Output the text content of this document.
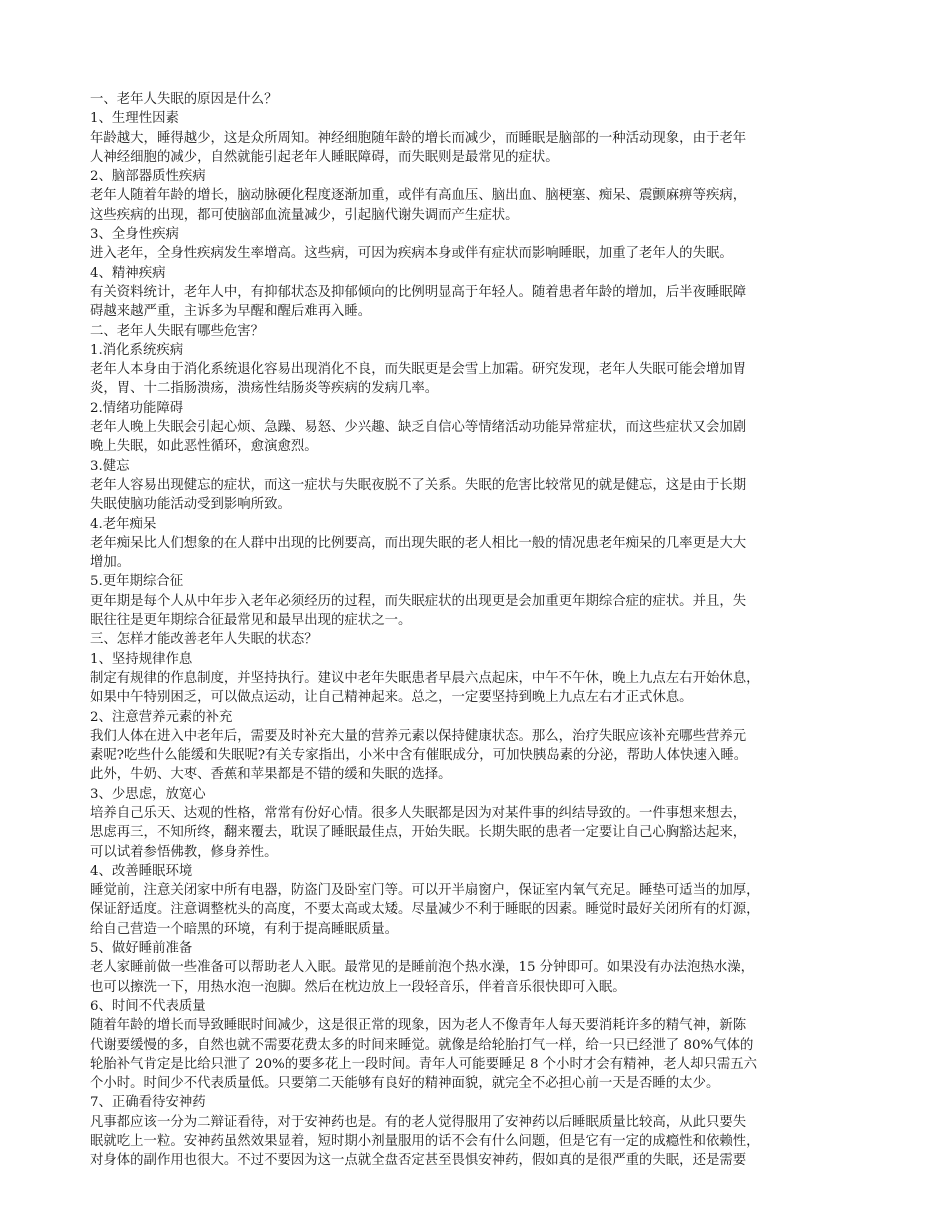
一、老年人失眠的原因是什么？
1、生理性因素
年龄越大，睡得越少，这是众所周知。神经细胞随年龄的增长而减少，而睡眠是脑部的一种活动现象，由于老年
人神经细胞的减少，自然就能引起老年人睡眠障碍，而失眠则是最常见的症状。
2、脑部器质性疾病
老年人随着年龄的增长，脑动脉硬化程度逐渐加重，或伴有高血压、脑出血、脑梗塞、痴呆、震颤麻痹等疾病，
这些疾病的出现，都可使脑部血流量减少，引起脑代谢失调而产生症状。
3、全身性疾病
进入老年，全身性疾病发生率增高。这些病，可因为疾病本身或伴有症状而影响睡眠，加重了老年人的失眠。
4、精神疾病
有关资料统计，老年人中，有抑郁状态及抑郁倾向的比例明显高于年轻人。随着患者年龄的增加，后半夜睡眠障
碍越来越严重，主诉多为早醒和醒后难再入睡。
二、老年人失眠有哪些危害？
1.消化系统疾病
老年人本身由于消化系统退化容易出现消化不良，而失眠更是会雪上加霜。研究发现，老年人失眠可能会增加胃
炎，胃、十二指肠溃疡，溃疡性结肠炎等疾病的发病几率。
2.情绪功能障碍
老年人晚上失眠会引起心烦、急躁、易怒、少兴趣、缺乏自信心等情绪活动功能异常症状，而这些症状又会加剧
晚上失眠，如此恶性循环，愈演愈烈。
3.健忘
老年人容易出现健忘的症状，而这一症状与失眠夜脱不了关系。失眠的危害比较常见的就是健忘，这是由于长期
失眠使脑功能活动受到影响所致。
4.老年痴呆
老年痴呆比人们想象的在人群中出现的比例要高，而出现失眠的老人相比一般的情况患老年痴呆的几率更是大大
增加。
5.更年期综合征
更年期是每个人从中年步入老年必须经历的过程，而失眠症状的出现更是会加重更年期综合症的症状。并且，失
眠往往是更年期综合征最常见和最早出现的症状之一。
三、怎样才能改善老年人失眠的状态？
1、坚持规律作息
制定有规律的作息制度，并坚持执行。建议中老年失眠患者早晨六点起床，中午不午休，晚上九点左右开始休息，
如果中午特别困乏，可以做点运动，让自己精神起来。总之，一定要坚持到晚上九点左右才正式休息。
2、注意营养元素的补充
我们人体在进入中老年后，需要及时补充大量的营养元素以保持健康状态。那么，治疗失眠应该补充哪些营养元
素呢?吃些什么能缓和失眠呢?有关专家指出，小米中含有催眠成分，可加快胰岛素的分泌，帮助人体快速入睡。
此外，牛奶、大枣、香蕉和苹果都是不错的缓和失眠的选择。
3、少思虑，放宽心
培养自己乐天、达观的性格，常常有份好心情。很多人失眠都是因为对某件事的纠结导致的。一件事想来想去，
思虑再三，不知所终，翻来覆去，耽误了睡眠最佳点，开始失眠。长期失眠的患者一定要让自己心胸豁达起来，
可以试着参悟佛教，修身养性。
4、改善睡眠环境
睡觉前，注意关闭家中所有电器，防盗门及卧室门等。可以开半扇窗户，保证室内氧气充足。睡垫可适当的加厚，
保证舒适度。注意调整枕头的高度，不要太高或太矮。尽量减少不利于睡眠的因素。睡觉时最好关闭所有的灯源，
给自己营造一个暗黑的环境，有利于提高睡眠质量。
5、做好睡前准备
老人家睡前做一些准备可以帮助老人入眠。最常见的是睡前泡个热水澡，15 分钟即可。如果没有办法泡热水澡，
也可以擦洗一下，用热水泡一泡脚。然后在枕边放上一段轻音乐，伴着音乐很快即可入眠。
6、时间不代表质量
随着年龄的增长而导致睡眠时间减少，这是很正常的现象，因为老人不像青年人每天要消耗许多的精气神，新陈
代谢要缓慢的多，自然也就不需要花费太多的时间来睡觉。就像是给轮胎打气一样，给一只已经泄了 80%气体的
轮胎补气肯定是比给只泄了 20%的要多花上一段时间。青年人可能要睡足 8 个小时才会有精神，老人却只需五六
个小时。时间少不代表质量低。只要第二天能够有良好的精神面貌，就完全不必担心前一天是否睡的太少。
7、正确看待安神药
凡事都应该一分为二辩证看待，对于安神药也是。有的老人觉得服用了安神药以后睡眠质量比较高，从此只要失
眠就吃上一粒。安神药虽然效果显着，短时期小剂量服用的话不会有什么问题，但是它有一定的成瘾性和依赖性，
对身体的副作用也很大。不过不要因为这一点就全盘否定甚至畏惧安神药，假如真的是很严重的失眠，还是需要
